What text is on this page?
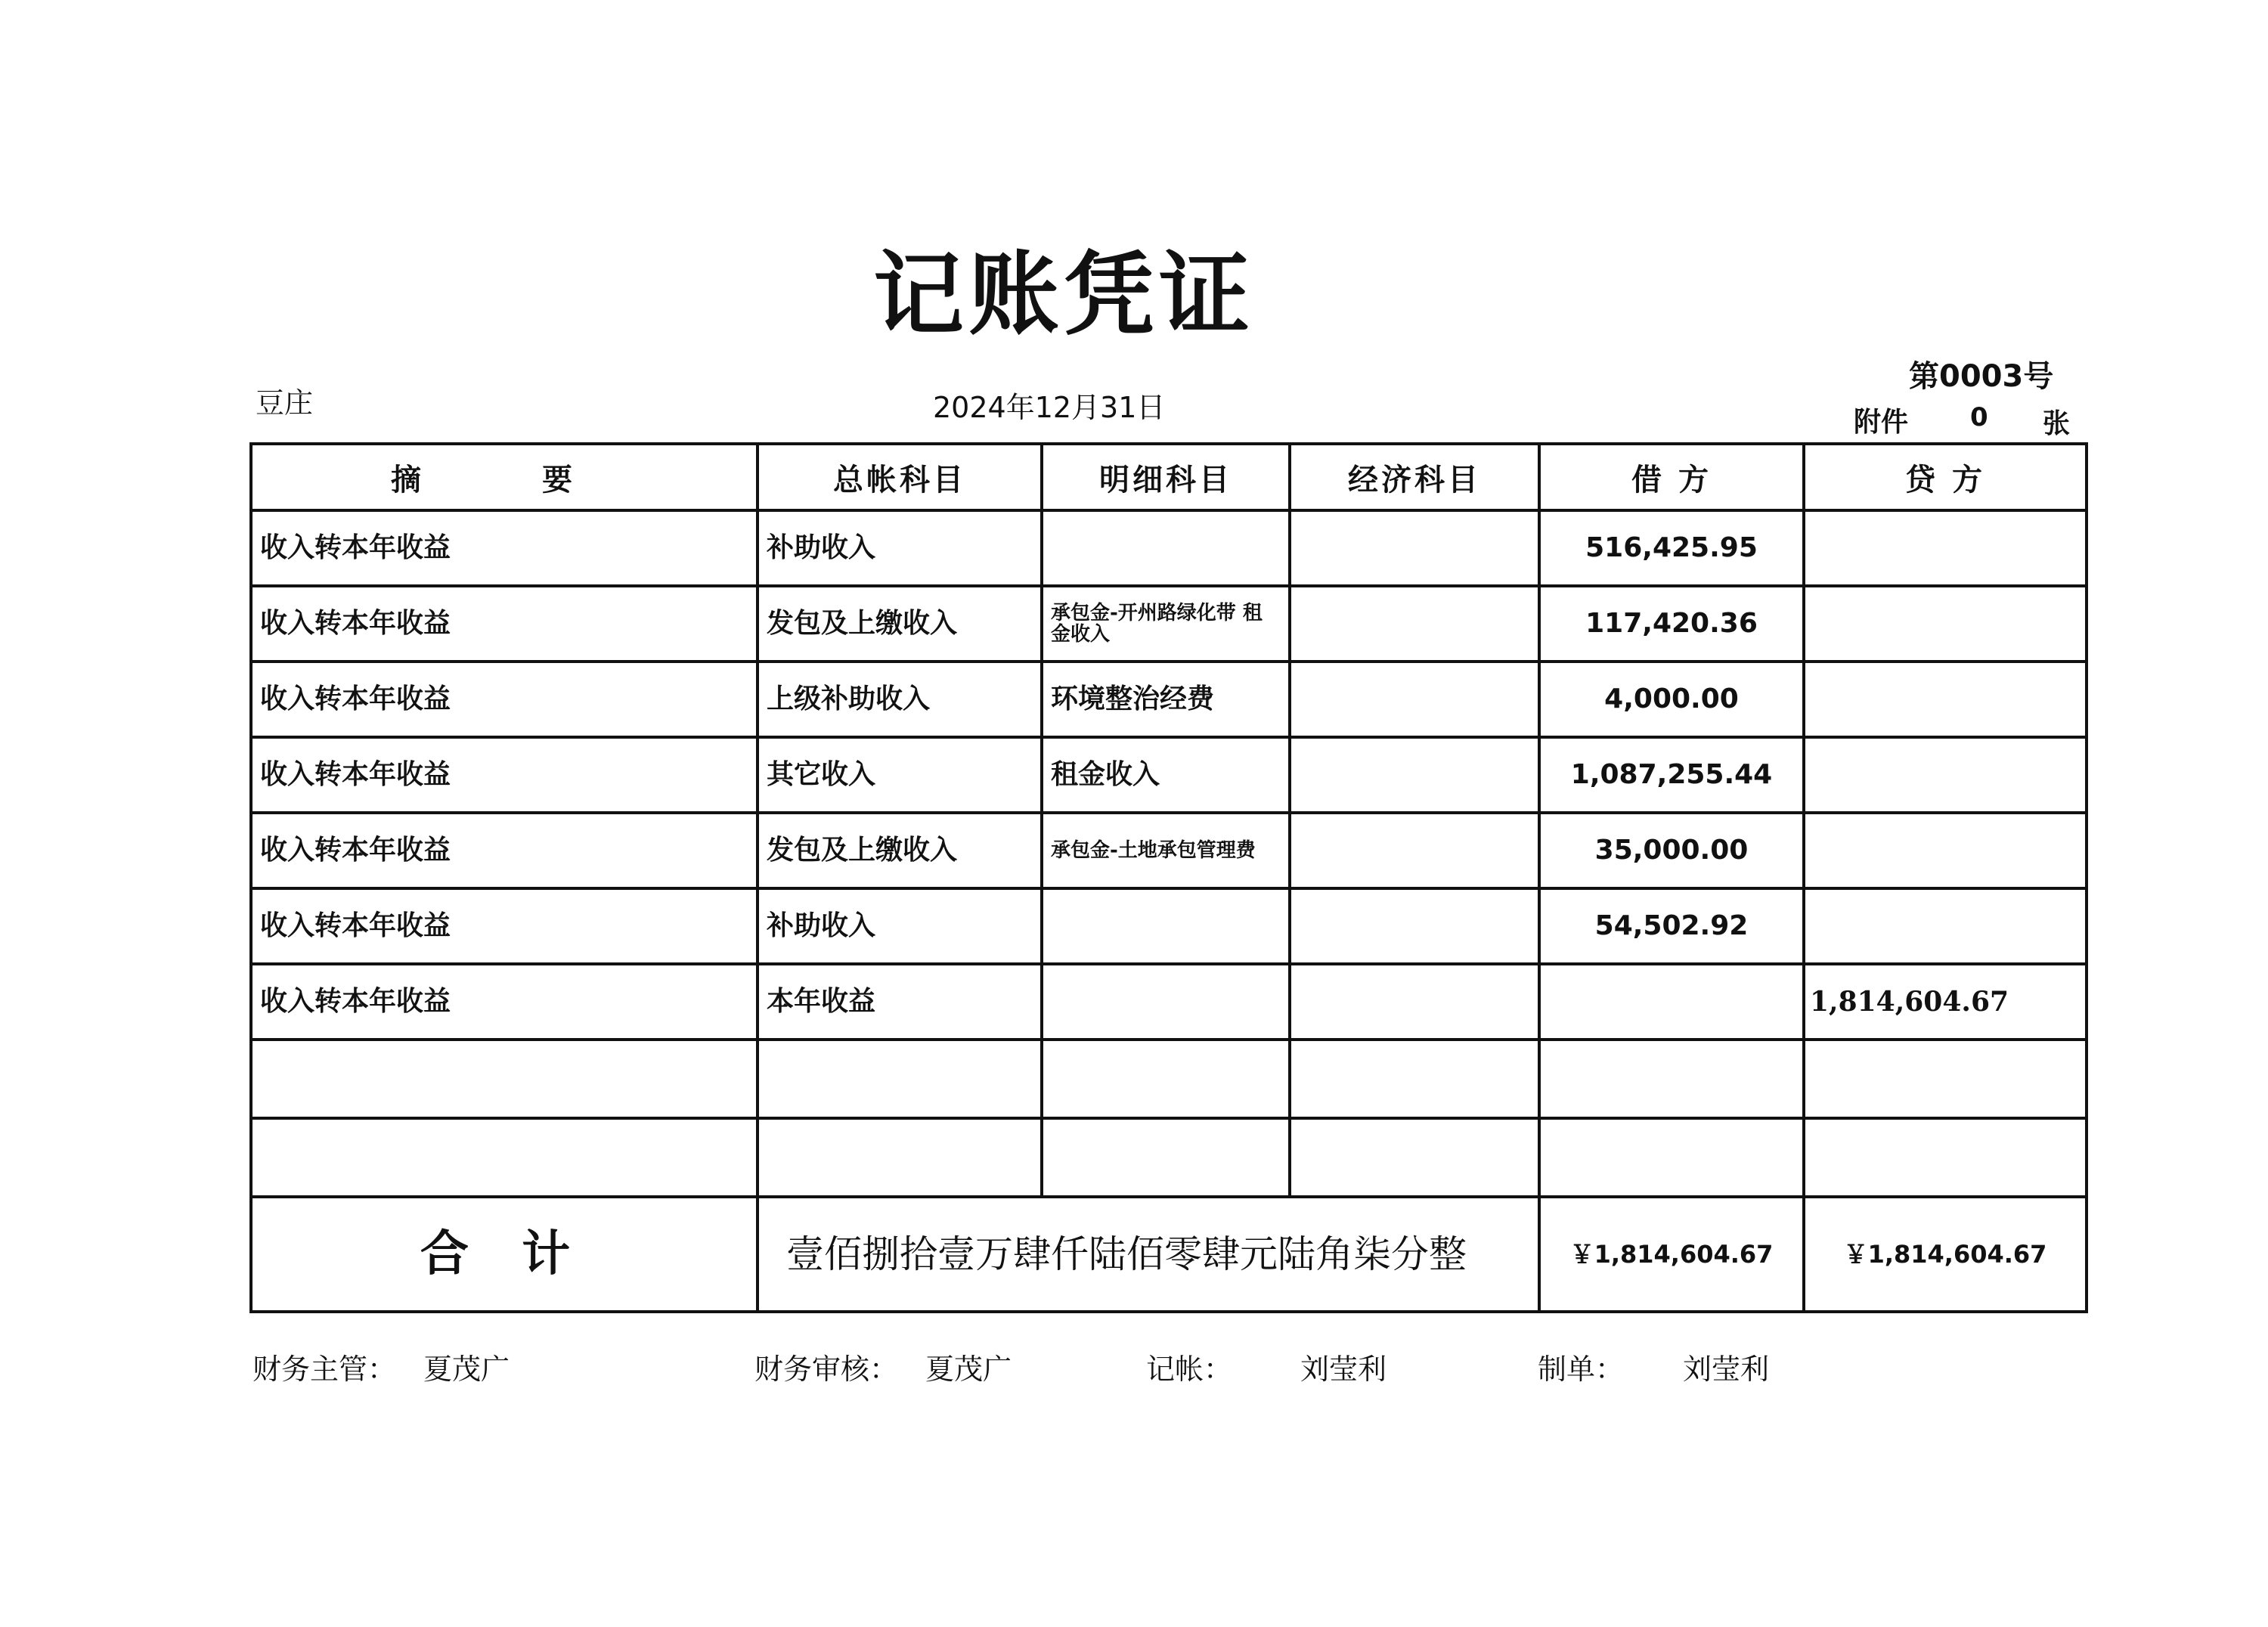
记账凭证
豆庄	2024年12月31日
第0003号
附件 0 张
摘　要	总帐科目	明细科目	经济科目	借 方	贷 方
收入转本年收益	补助收入			516,425.95	
收入转本年收益	发包及上缴收入	承包金-开州路绿化带 租金收入		117,420.36	
收入转本年收益	上级补助收入	环境整治经费		4,000.00	
收入转本年收益	其它收入	租金收入		1,087,255.44	
收入转本年收益	发包及上缴收入	承包金-土地承包管理费		35,000.00	
收入转本年收益	补助收入			54,502.92	
收入转本年收益	本年收益				1,814,604.67

合 计	壹佰捌拾壹万肆仟陆佰零肆元陆角柒分整			￥1,814,604.67	￥1,814,604.67
财务主管： 夏茂广	财务审核： 夏茂广	记帐： 刘莹利	制单： 刘莹利
